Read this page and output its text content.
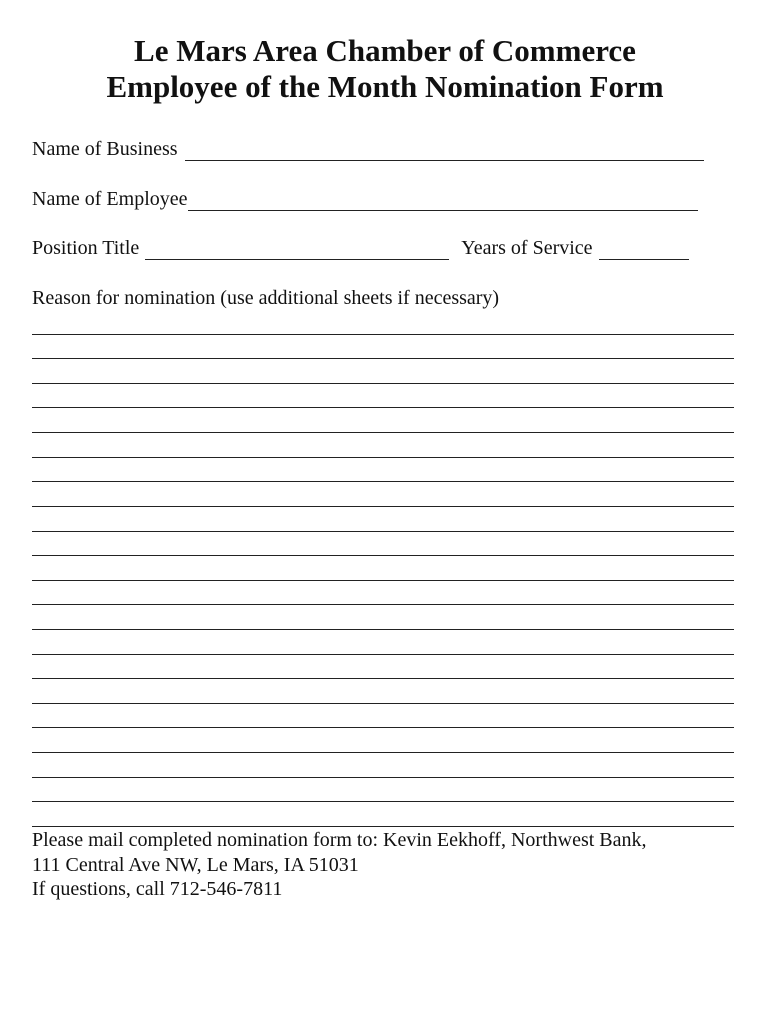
Le Mars Area Chamber of Commerce
Employee of the Month Nomination Form
Name of Business
Name of Employee
Position Title	Years of Service
Reason for nomination (use additional sheets if necessary)
Please mail completed nomination form to: Kevin Eekhoff, Northwest Bank,
111 Central Ave NW, Le Mars, IA 51031
If questions, call 712-546-7811
